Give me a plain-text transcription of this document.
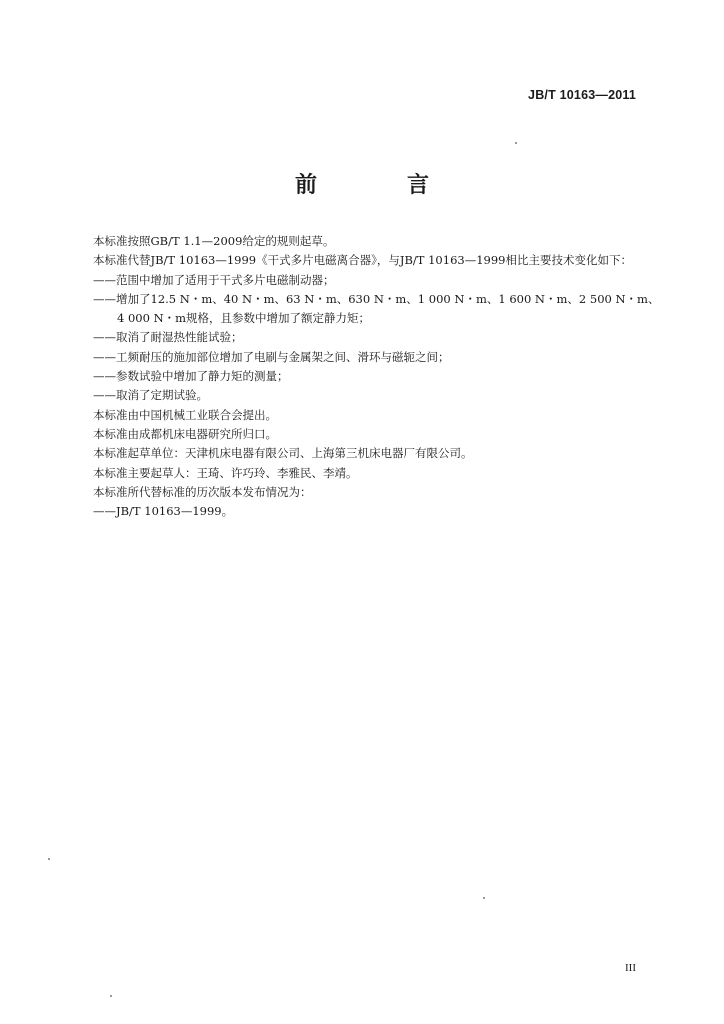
JB/T 10163—2011
前　言
本标准按照GB/T 1.1—2009给定的规则起草。
本标准代替JB/T 10163—1999《干式多片电磁离合器》，与JB/T 10163—1999相比主要技术变化如下：
——范围中增加了适用于干式多片电磁制动器；
——增加了12.5 N・m、40 N・m、63 N・m、630 N・m、1 000 N・m、1 600 N・m、2 500 N・m、
4 000 N・m规格，且参数中增加了额定静力矩；
——取消了耐湿热性能试验；
——工频耐压的施加部位增加了电刷与金属架之间、滑环与磁轭之间；
——参数试验中增加了静力矩的测量；
——取消了定期试验。
本标准由中国机械工业联合会提出。
本标准由成都机床电器研究所归口。
本标准起草单位：天津机床电器有限公司、上海第三机床电器厂有限公司。
本标准主要起草人：王琦、许巧玲、李雅民、李靖。
本标准所代替标准的历次版本发布情况为：
——JB/T 10163—1999。
III
